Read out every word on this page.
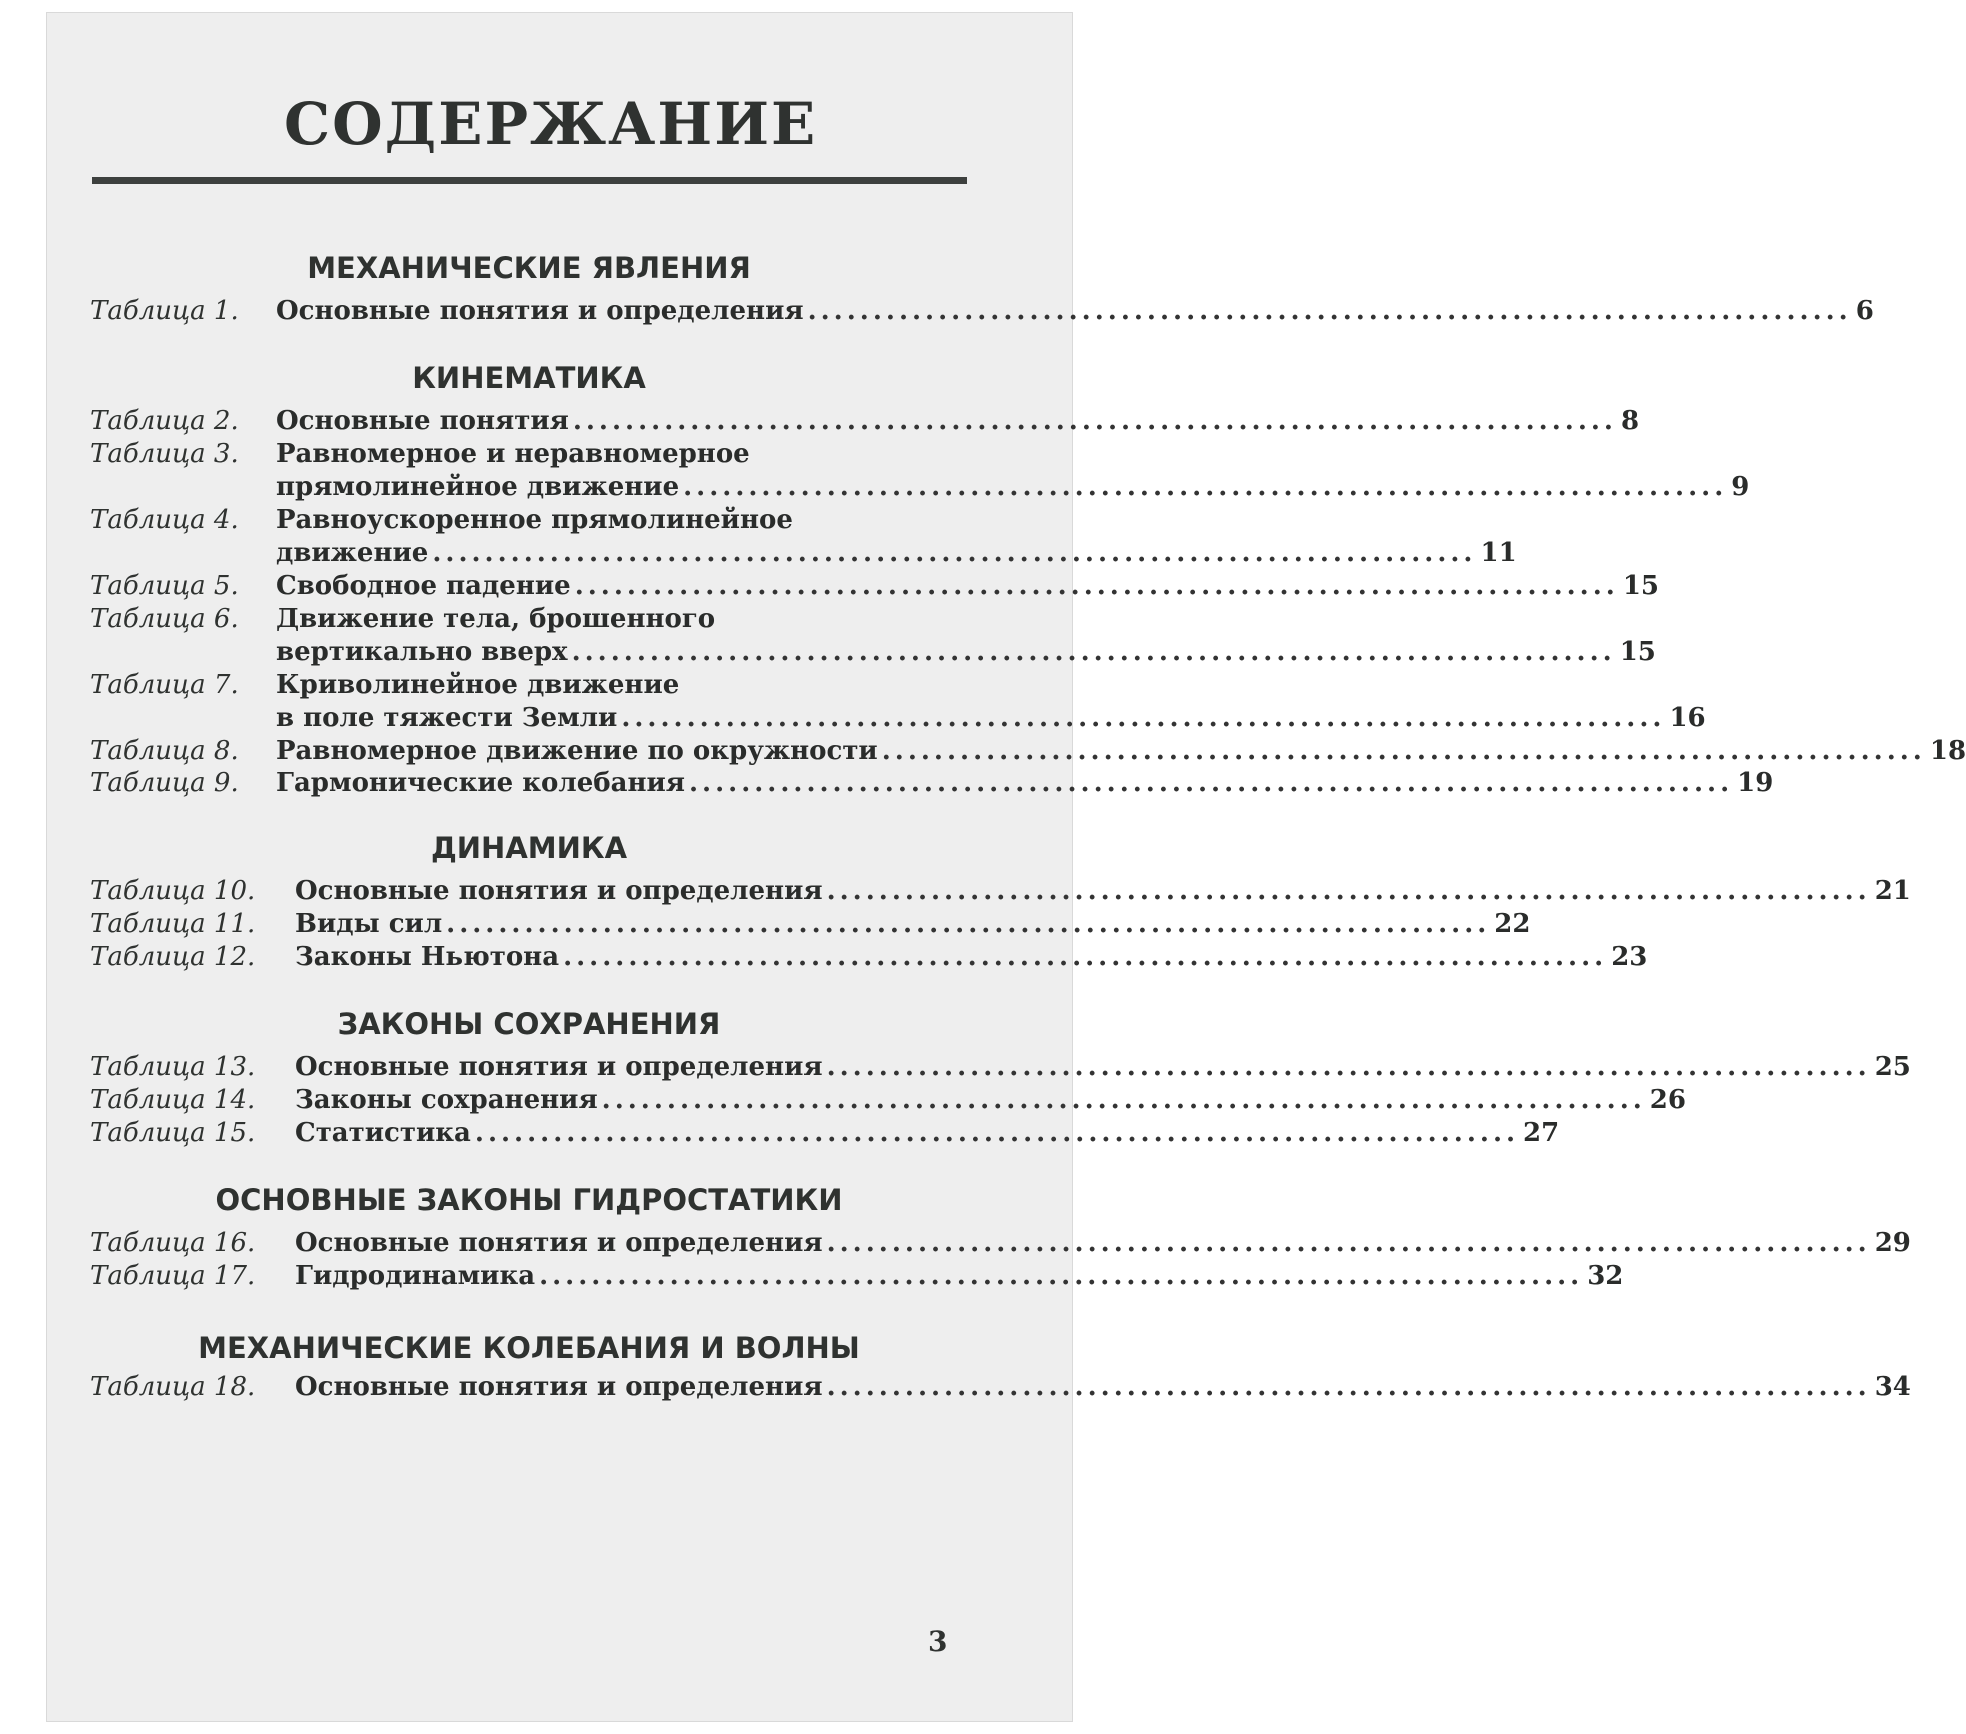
СОДЕРЖАНИЕ
МЕХАНИЧЕСКИЕ ЯВЛЕНИЯ
Таблица 1. Основные понятия и определения ................................................................................ 6
КИНЕМАТИКА
Таблица 2. Основные понятия ................................................................................ 8
Таблица 3. Равномерное и неравномерное
прямолинейное движение ................................................................................ 9
Таблица 4. Равноускоренное прямолинейное
движение ................................................................................ 11
Таблица 5. Свободное падение ................................................................................ 15
Таблица 6. Движение тела, брошенного
вертикально вверх ................................................................................ 15
Таблица 7. Криволинейное движение
в поле тяжести Земли ................................................................................ 16
Таблица 8. Равномерное движение по окружности ................................................................................ 18
Таблица 9. Гармонические колебания ................................................................................ 19
ДИНАМИКА
Таблица 10. Основные понятия и определения ................................................................................ 21
Таблица 11. Виды сил ................................................................................ 22
Таблица 12. Законы Ньютона ................................................................................ 23
ЗАКОНЫ СОХРАНЕНИЯ
Таблица 13. Основные понятия и определения ................................................................................ 25
Таблица 14. Законы сохранения ................................................................................ 26
Таблица 15. Статистика ................................................................................ 27
ОСНОВНЫЕ ЗАКОНЫ ГИДРОСТАТИКИ
Таблица 16. Основные понятия и определения ................................................................................ 29
Таблица 17. Гидродинамика ................................................................................ 32
МЕХАНИЧЕСКИЕ КОЛЕБАНИЯ И ВОЛНЫ
Таблица 18. Основные понятия и определения ................................................................................ 34
3
